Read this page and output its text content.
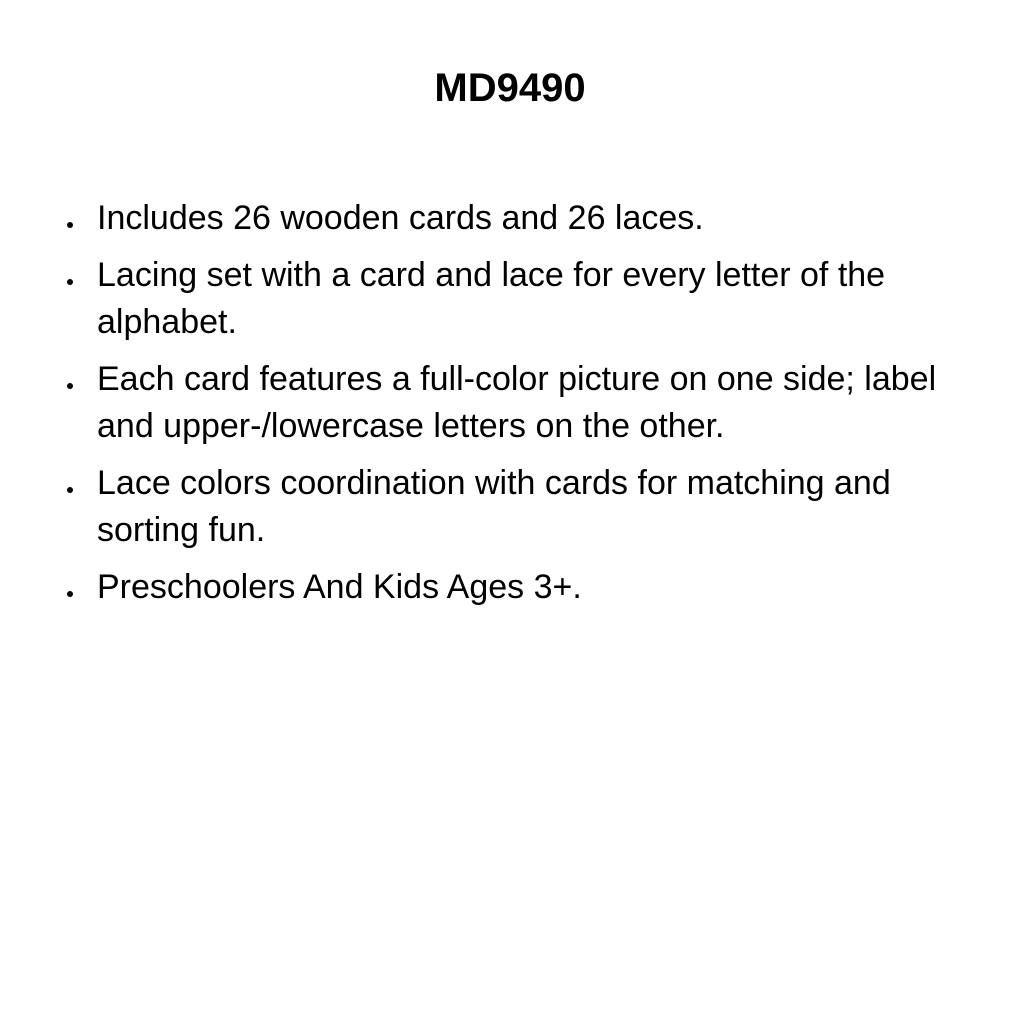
MD9490
Includes 26 wooden cards and 26 laces.
Lacing set with a card and lace for every letter of the alphabet.
Each card features a full-color picture on one side; label and upper-/lowercase letters on the other.
Lace colors coordination with cards for matching and sorting fun.
Preschoolers And Kids Ages 3+.
